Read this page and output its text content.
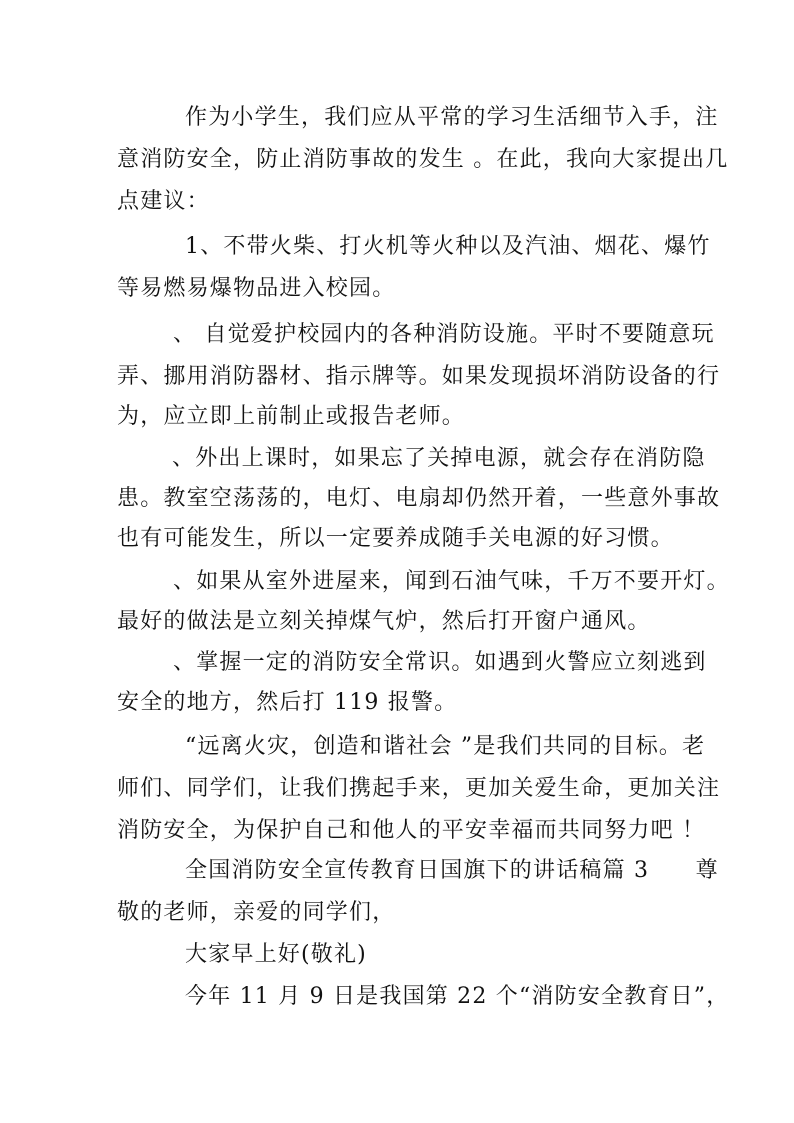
作为小学生，我们应从平常的学习生活细节入手，注
意消防安全，防止消防事故的发生 。在此，我向大家提出几
点建议：
1、不带火柴、打火机等火种以及汽油、烟花、爆竹
等易燃易爆物品进入校园。
、 自觉爱护校园内的各种消防设施。平时不要随意玩
弄、挪用消防器材、指示牌等。如果发现损坏消防设备的行
为，应立即上前制止或报告老师。
、外出上课时，如果忘了关掉电源，就会存在消防隐
患。教室空荡荡的，电灯、电扇却仍然开着，一些意外事故
也有可能发生，所以一定要养成随手关电源的好习惯。
、如果从室外进屋来，闻到石油气味，千万不要开灯。
最好的做法是立刻关掉煤气炉，然后打开窗户通风。
、掌握一定的消防安全常识。如遇到火警应立刻逃到
安全的地方，然后打 119 报警。
“远离火灾，创造和谐社会 ”是我们共同的目标。老
师们、同学们，让我们携起手来，更加关爱生命，更加关注
消防安全，为保护自己和他人的平安幸福而共同努力吧 ！
全国消防安全宣传教育日国旗下的讲话稿篇 3　　尊
敬的老师，亲爱的同学们，
大家早上好(敬礼)
今年 11 月 9 日是我国第 22 个“消防安全教育日”，
